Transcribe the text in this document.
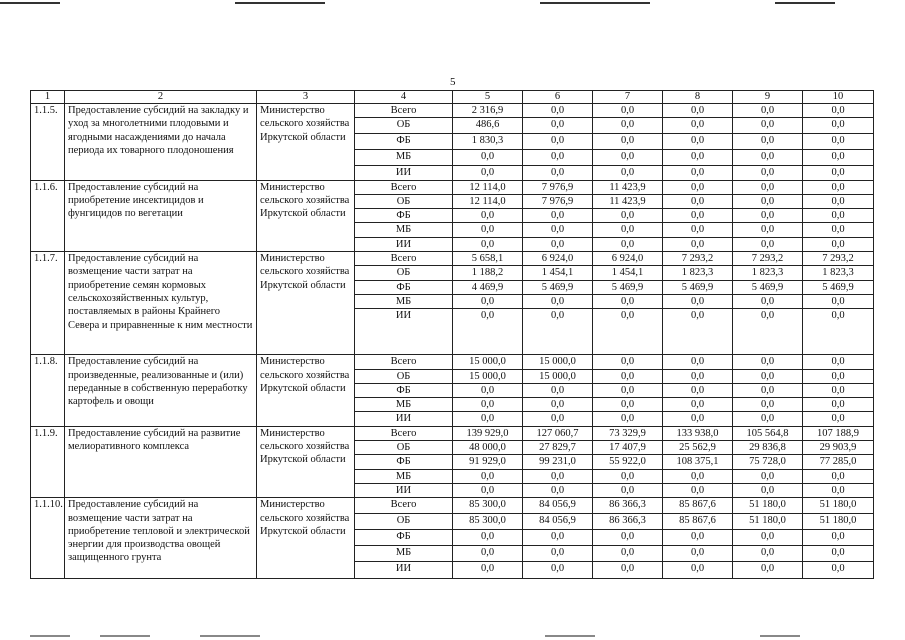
5
1	2	3	4	5	6	7	8	9	10
1.1.5.	Предоставление субсидий на закладку и уход за многолетними плодовыми и ягодными насаждениями до начала периода их товарного плодоношения	Министерство сельского хозяйства Иркутской области	Всего	2 316,9	0,0	0,0	0,0	0,0	0,0
			ОБ	486,6	0,0	0,0	0,0	0,0	0,0
			ФБ	1 830,3	0,0	0,0	0,0	0,0	0,0
			МБ	0,0	0,0	0,0	0,0	0,0	0,0
			ИИ	0,0	0,0	0,0	0,0	0,0	0,0
1.1.6.	Предоставление субсидий на приобретение инсектицидов и фунгицидов по вегетации	Министерство сельского хозяйства Иркутской области	Всего	12 114,0	7 976,9	11 423,9	0,0	0,0	0,0
			ОБ	12 114,0	7 976,9	11 423,9	0,0	0,0	0,0
			ФБ	0,0	0,0	0,0	0,0	0,0	0,0
			МБ	0,0	0,0	0,0	0,0	0,0	0,0
			ИИ	0,0	0,0	0,0	0,0	0,0	0,0
1.1.7.	Предоставление субсидий на возмещение части затрат на приобретение семян кормовых сельскохозяйственных культур, поставляемых в районы Крайнего Севера и приравненные к ним местности	Министерство сельского хозяйства Иркутской области	Всего	5 658,1	6 924,0	6 924,0	7 293,2	7 293,2	7 293,2
			ОБ	1 188,2	1 454,1	1 454,1	1 823,3	1 823,3	1 823,3
			ФБ	4 469,9	5 469,9	5 469,9	5 469,9	5 469,9	5 469,9
			МБ	0,0	0,0	0,0	0,0	0,0	0,0
			ИИ	0,0	0,0	0,0	0,0	0,0	0,0
1.1.8.	Предоставление субсидий на произведенные, реализованные и (или) переданные в собственную переработку картофель и овощи	Министерство сельского хозяйства Иркутской области	Всего	15 000,0	15 000,0	0,0	0,0	0,0	0,0
			ОБ	15 000,0	15 000,0	0,0	0,0	0,0	0,0
			ФБ	0,0	0,0	0,0	0,0	0,0	0,0
			МБ	0,0	0,0	0,0	0,0	0,0	0,0
			ИИ	0,0	0,0	0,0	0,0	0,0	0,0
1.1.9.	Предоставление субсидий на развитие мелиоративного комплекса	Министерство сельского хозяйства Иркутской области	Всего	139 929,0	127 060,7	73 329,9	133 938,0	105 564,8	107 188,9
			ОБ	48 000,0	27 829,7	17 407,9	25 562,9	29 836,8	29 903,9
			ФБ	91 929,0	99 231,0	55 922,0	108 375,1	75 728,0	77 285,0
			МБ	0,0	0,0	0,0	0,0	0,0	0,0
			ИИ	0,0	0,0	0,0	0,0	0,0	0,0
1.1.10.	Предоставление субсидий на возмещение части затрат на приобретение тепловой и электрической энергии для производства овощей защищенного грунта	Министерство сельского хозяйства Иркутской области	Всего	85 300,0	84 056,9	86 366,3	85 867,6	51 180,0	51 180,0
			ОБ	85 300,0	84 056,9	86 366,3	85 867,6	51 180,0	51 180,0
			ФБ	0,0	0,0	0,0	0,0	0,0	0,0
			МБ	0,0	0,0	0,0	0,0	0,0	0,0
			ИИ	0,0	0,0	0,0	0,0	0,0	0,0
